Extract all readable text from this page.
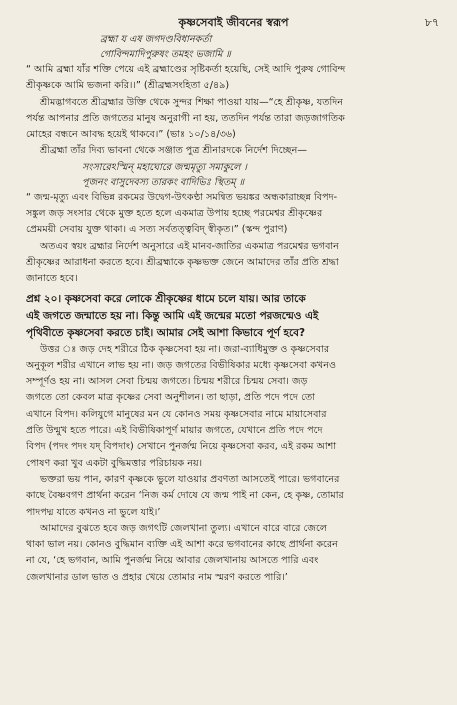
কৃষ্ণসেবাই জীবনের স্বরূপ	৮৭
ব্রহ্মা য এষ জগদণ্ডবিধানকর্তা
গোবিন্দমাদিপুরুষং তমহং ভজামি ॥
“ আমি ব্রহ্মা যাঁর শক্তি পেয়ে এই ব্রহ্মাণ্ডের সৃষ্টিকর্তা হয়েছি, সেই আদি পুরুষ গোবিন্দ
শ্রীকৃষ্ণকে আমি ভজনা করি।।” (শ্রীব্রহ্মসংহিতা ৫/৪৯)
শ্রীমদ্ভাগবতে শ্রীব্রহ্মার উক্তি থেকে সুন্দর শিক্ষা পাওয়া যায়—“হে শ্রীকৃষ্ণ, যতদিন
পর্যন্ত আপনার প্রতি জগতের মানুষ অনুরাগী না হয়, ততদিন পর্যন্ত তারা জড়জাগতিক
মোহের বন্ধনে আবদ্ধ হয়েই থাকবে।” (ভাঃ ১০/১৪/৩৬)
শ্রীব্রহ্মা তাঁর দিব্য ভাবনা থেকে সঞ্জাত পুত্র শ্রীনারদকে নির্দেশ দিচ্ছেন—
সংসারেঽস্মিন্ মহাঘোরে জন্মমৃত্যু সমাকুলে ।
পূজনং বাসুদেবস্য তারকং বাদিভিঃ স্থিতম্ ॥
“ জন্ম-মৃত্যু এবং বিভিন্ন রকমের উদ্বেগ-উৎকণ্ঠা সমন্বিত ভয়ঙ্কর অন্ধকারাচ্ছন্ন বিপদ-
সঙ্কুল জড় সংসার থেকে মুক্ত হতে হলে একমাত্র উপায় হচ্ছে পরমেশ্বর শ্রীকৃষ্ণের
প্রেমময়ী সেবায় যুক্ত থাকা। এ সত্য সর্বতত্ত্ববিদ্ স্বীকৃত।” (স্কন্দ পুরাণ)
অতএব স্বয়ং ব্রহ্মার নির্দেশ অনুসারে এই মানব-জাতির একমাত্র পরমেশ্বর ভগবান
শ্রীকৃষ্ণের আরাধনা করতে হবে। শ্রীব্রহ্মাকে কৃষ্ণভক্ত জেনে আমাদের তাঁর প্রতি শ্রদ্ধা
জানাতে হবে।
প্রশ্ন ২০। কৃষ্ণসেবা করে লোকে শ্রীকৃষ্ণের ধামে চলে যায়। আর তাকে
এই জগতে জন্মাতে হয় না। কিন্তু আমি এই জন্মের মতো পরজন্মেও এই
পৃথিবীতে কৃষ্ণসেবা করতে চাই। আমার সেই আশা কিভাবে পূর্ণ হবে?
উত্তর ঃ জড় দেহ শরীরে ঠিক কৃষ্ণসেবা হয় না। জরা-ব্যাধিমুক্ত ও কৃষ্ণসেবার
অনুকূল শরীর এখানে লাভ হয় না। জড় জগতের বিভীষিকার মধ্যে কৃষ্ণসেবা কখনও
সম্পূর্ণও হয় না। আসল সেবা চিন্ময় জগতে। চিন্ময় শরীরে চিন্ময় সেবা। জড়
জগতে তো কেবল মাত্র কৃষ্ণের সেবা অনুশীলন। তা ছাড়া, প্রতি পদে পদে তো
এখানে বিপদ। কলিযুগে মানুষের মন যে কোনও সময় কৃষ্ণসেবার নামে মায়াসেবার
প্রতি উন্মুখ হতে পারে। এই বিভীষিকাপূর্ণ মায়ার জগতে, যেখানে প্রতি পদে পদে
বিপদ (পদং পদং যদ্ বিপদাং) সেখানে পুনর্জন্ম নিয়ে কৃষ্ণসেবা করব, এই রকম আশা
পোষণ করা খুব একটা বুদ্ধিমত্তার পরিচায়ক নয়।
ভক্তরা ভয় পান, কারণ কৃষ্ণকে ভুলে যাওয়ার প্রবণতা আসতেই পারে। ভগবানের
কাছে বৈষ্ণবগণ প্রার্থনা করেন ‘নিজ কর্ম দোষে যে জন্ম পাই না কেন, হে কৃষ্ণ, তোমার
পাদপদ্ম যাতে কখনও না ভুলে যাই।’
আমাদের বুঝতে হবে জড় জগৎটি জেলখানা তুল্য। এখানে বারে বারে জেলে
থাকা ভাল নয়। কোনও বুদ্ধিমান ব্যক্তি এই আশা করে ভগবানের কাছে প্রার্থনা করেন
না যে, ‘হে ভগবান, আমি পুনর্জন্ম নিয়ে আবার জেলখানায় আসতে পারি এবং
জেলখানার ডাল ভাত ও প্রহার খেয়ে তোমার নাম স্মরণ করতে পারি।’
